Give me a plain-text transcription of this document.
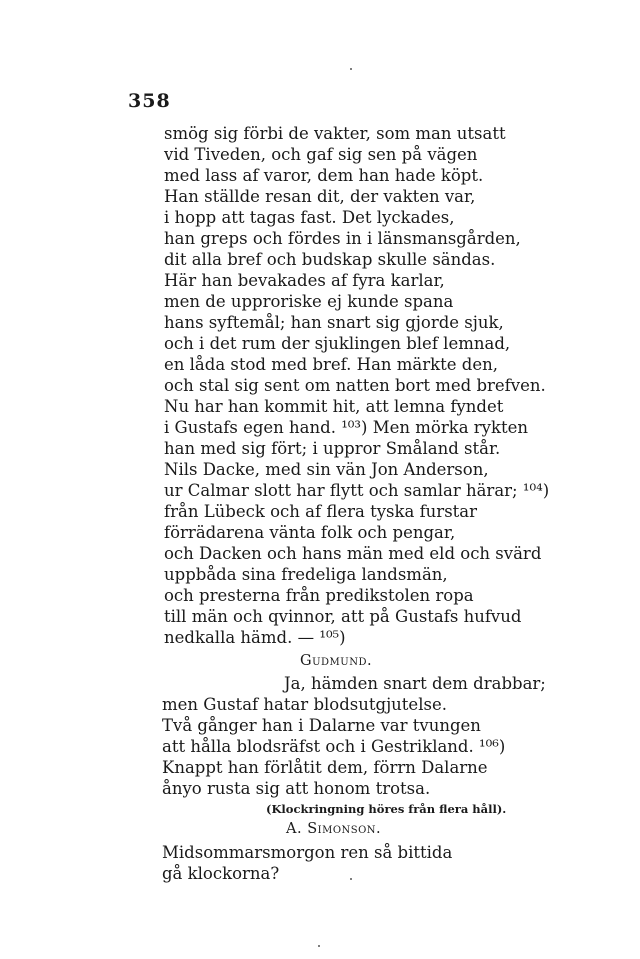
358
smög sig förbi de vakter, som man utsatt
vid Tiveden, och gaf sig sen på vägen
med lass af varor, dem han hade köpt.
Han ställde resan dit, der vakten var,
i hopp att tagas fast. Det lyckades,
han greps och fördes in i länsmansgården,
dit alla bref och budskap skulle sändas.
Här han bevakades af fyra karlar,
men de upproriske ej kunde spana
hans syftemål; han snart sig gjorde sjuk,
och i det rum der sjuklingen blef lemnad,
en låda stod med bref. Han märkte den,
och stal sig sent om natten bort med brefven.
Nu har han kommit hit, att lemna fyndet
i Gustafs egen hand. ¹⁰³) Men mörka rykten
han med sig fört; i uppror Småland står.
Nils Dacke, med sin vän Jon Anderson,
ur Calmar slott har flytt och samlar härar; ¹⁰⁴)
från Lübeck och af flera tyska furstar
förrädarena vänta folk och pengar,
och Dacken och hans män med eld och svärd
uppbåda sina fredeliga landsmän,
och presterna från predikstolen ropa
till män och qvinnor, att på Gustafs hufvud
nedkalla hämd. — ¹⁰⁵)
Gudmund.
Ja, hämden snart dem drabbar;
men Gustaf hatar blodsutgjutelse.
Två gånger han i Dalarne var tvungen
att hålla blodsräfst och i Gestrikland. ¹⁰⁶)
Knappt han förlåtit dem, förrn Dalarne
ånyo rusta sig att honom trotsa.
(Klockringning höres från flera håll).
A. Simonson.
Midsommarsmorgon ren så bittida
gå klockorna?
